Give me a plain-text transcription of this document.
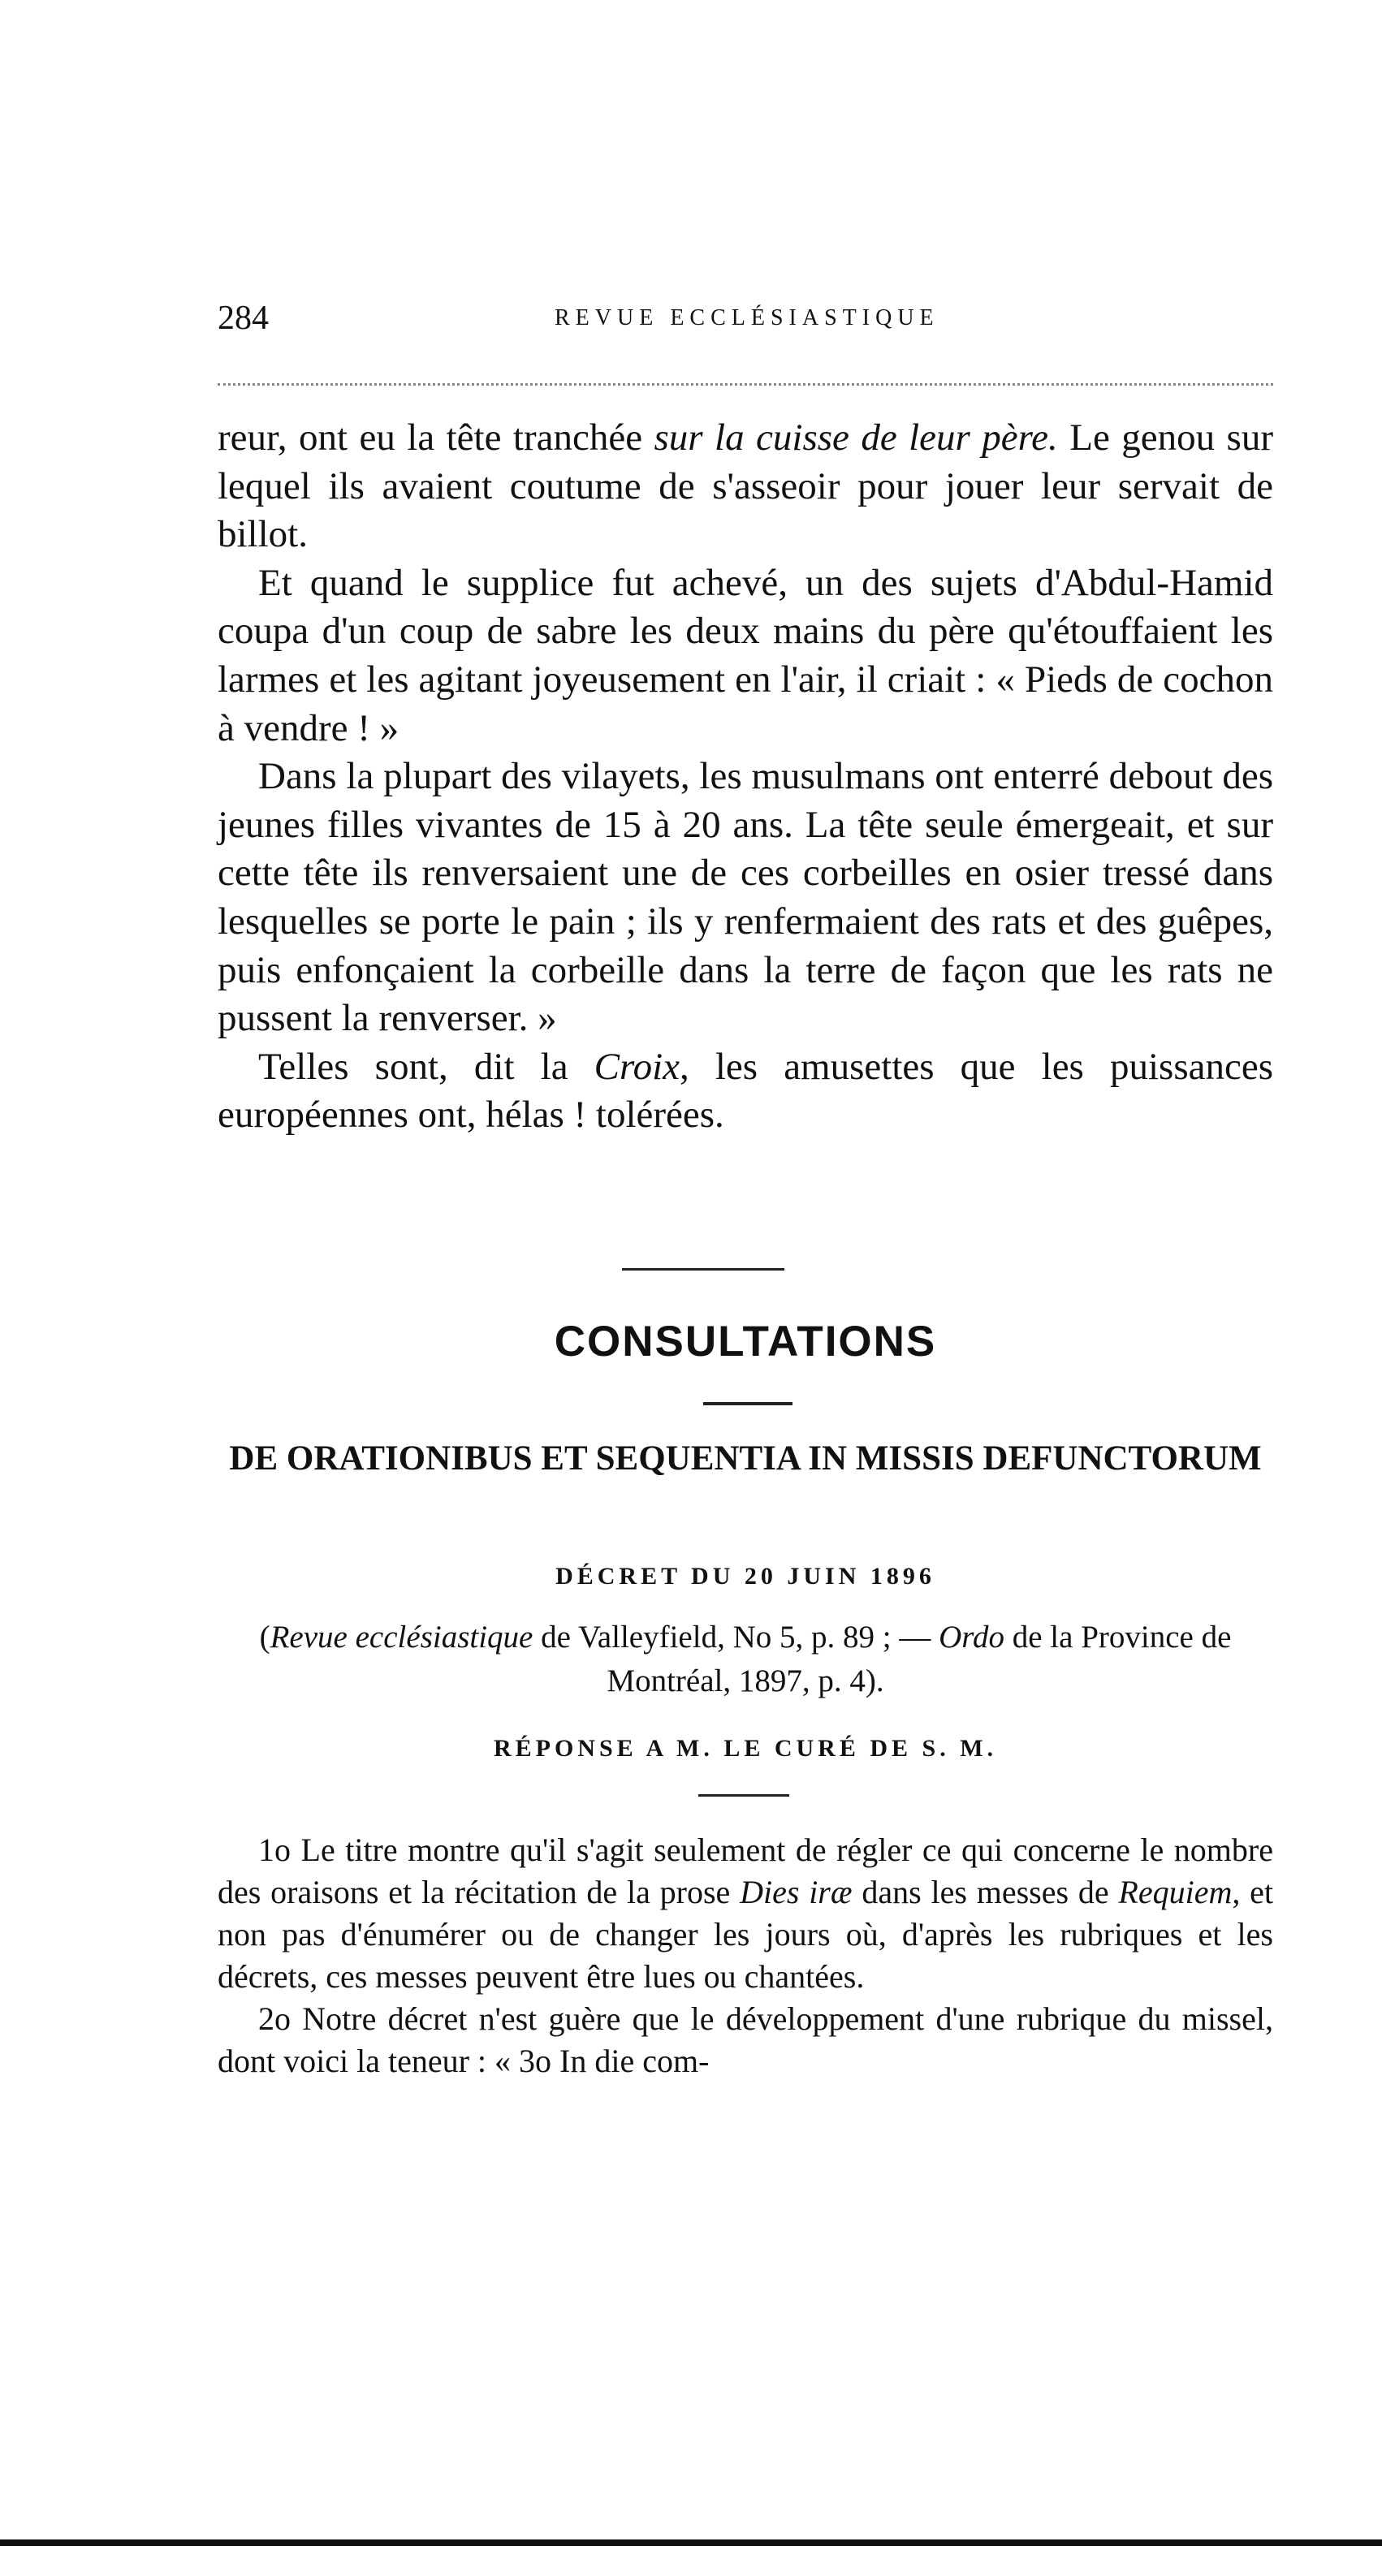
284	REVUE ECCLÉSIASTIQUE

reur, ont eu la tête tranchée sur la cuisse de leur père. Le genou sur lequel ils avaient coutume de s'asseoir pour jouer leur servait de billot.

Et quand le supplice fut achevé, un des sujets d'Abdul-Hamid coupa d'un coup de sabre les deux mains du père qu'étouffaient les larmes et les agitant joyeusement en l'air, il criait : « Pieds de cochon à vendre ! »

Dans la plupart des vilayets, les musulmans ont enterré debout des jeunes filles vivantes de 15 à 20 ans. La tête seule émergeait, et sur cette tête ils renversaient une de ces corbeilles en osier tressé dans lesquelles se porte le pain ; ils y renfermaient des rats et des guêpes, puis enfonçaient la corbeille dans la terre de façon que les rats ne pussent la renverser. »

Telles sont, dit la Croix, les amusettes que les puissances européennes ont, hélas ! tolérées.

CONSULTATIONS
DE ORATIONIBUS ET SEQUENTIA IN MISSIS DEFUNCTORUM
DÉCRET DU 20 JUIN 1896
(Revue ecclésiastique de Valleyfield, No 5, p. 89 ; — Ordo de la Province de Montréal, 1897, p. 4).
RÉPONSE A M. LE CURÉ DE S. M.

1o Le titre montre qu'il s'agit seulement de régler ce qui concerne le nombre des oraisons et la récitation de la prose Dies iræ dans les messes de Requiem, et non pas d'énumérer ou de changer les jours où, d'après les rubriques et les décrets, ces messes peuvent être lues ou chantées.

2o Notre décret n'est guère que le développement d'une rubrique du missel, dont voici la teneur : « 3o In die com-
